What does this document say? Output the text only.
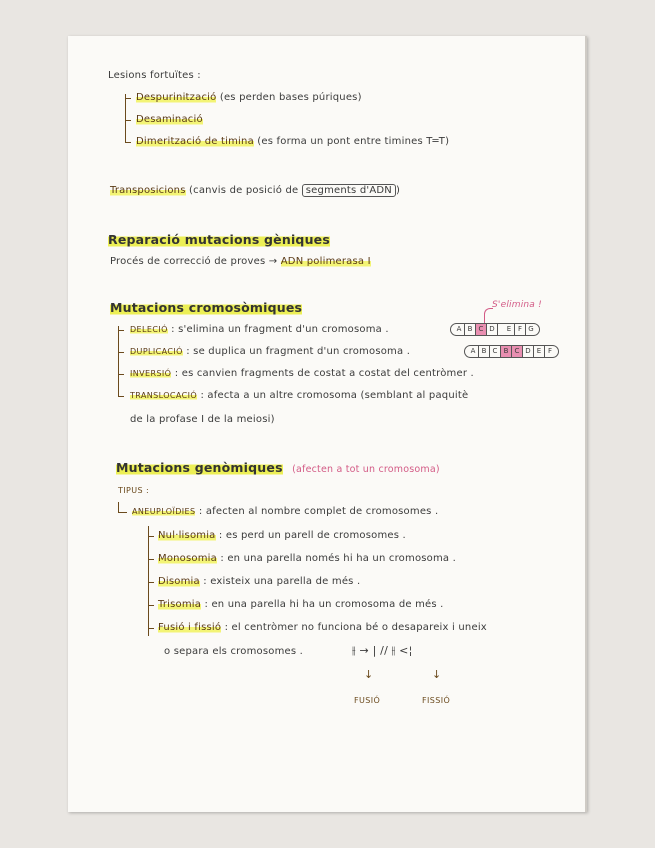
Lesions fortuïtes :
Despurinització (es perden bases púriques)
Desaminació
Dimerització de timina (es forma un pont entre timines T═T)
Transposicions (canvis de posició de segments d'ADN )
Reparació mutacions gèniques
Procés de correcció de proves → ADN polimerasa I
Mutacions cromosòmiques	S'elimina !
DELECIÓ : s'elimina un fragment d'un cromosoma .	A B C D	E F G
DUPLICACIÓ : se duplica un fragment d'un cromosoma .	A B C B C D E F
INVERSIÓ : es canvien fragments de costat a costat del centròmer .
TRANSLOCACIÓ : afecta a un altre cromosoma (semblant al paquitè
de la profase I de la meiosi)
Mutacions genòmiques (afecten a tot un cromosoma)
TIPUS :
ANEUPLOÏDIES : afecten al nombre complet de cromosomes .
Nul·lisomia : es perd un parell de cromosomes .
Monosomia : en una parella només hi ha un cromosoma .
Disomia : existeix una parella de més .
Trisomia : en una parella hi ha un cromosoma de més .
Fusió i fissió : el centròmer no funciona bé o desapareix i uneix
o separa els cromosomes .	⫲ → | // ⫲ <¦
↓	↓
FUSIÓ	FISSIÓ
